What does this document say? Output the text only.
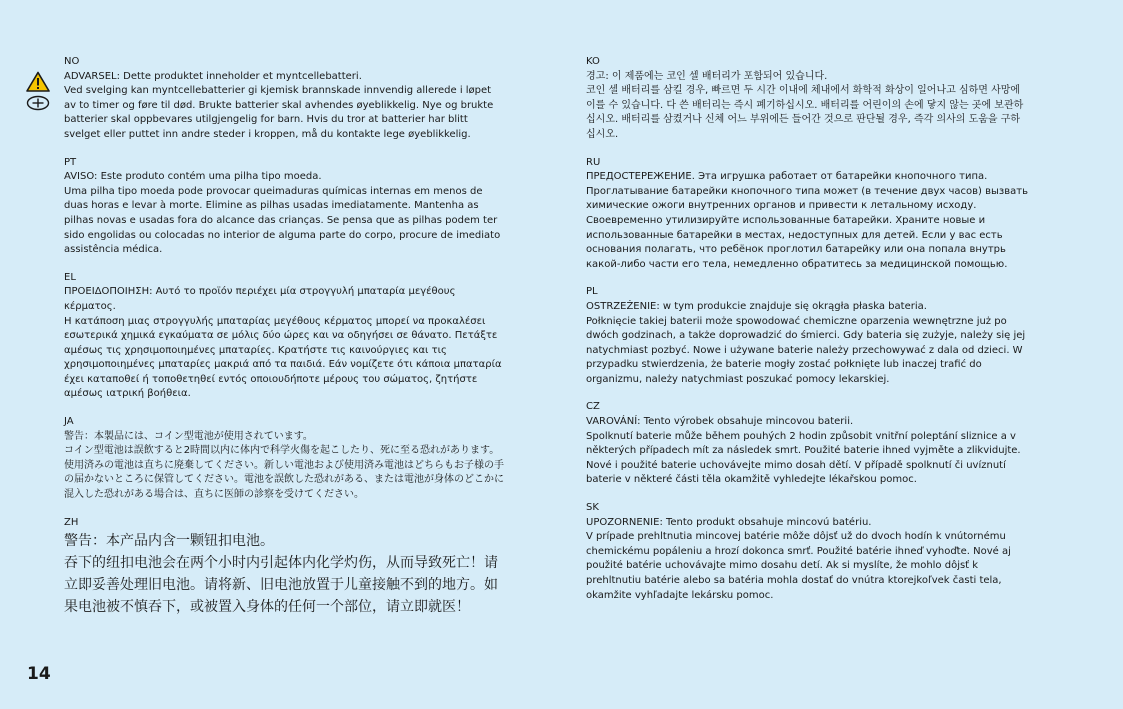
NO

ADVARSEL: Dette produktet inneholder et myntcellebatteri.
Ved svelging kan myntcellebatterier gi kjemisk brannskade innvendig allerede i løpet av to timer og føre til død. Brukte batterier skal avhendes øyeblikkelig. Nye og brukte batterier skal oppbevares utilgjengelig for barn. Hvis du tror at batterier har blitt svelget eller puttet inn andre steder i kroppen, må du kontakte lege øyeblikkelig.

PT

AVISO: Este produto contém uma pilha tipo moeda.
Uma pilha tipo moeda pode provocar queimaduras químicas internas em menos de duas horas e levar à morte. Elimine as pilhas usadas imediatamente. Mantenha as pilhas novas e usadas fora do alcance das crianças. Se pensa que as pilhas podem ter sido engolidas ou colocadas no interior de alguma parte do corpo, procure de imediato assistência médica.

EL

ΠΡΟΕΙΔΟΠΟΙΗΣΗ: Αυτό το προϊόν περιέχει μία στρογγυλή μπαταρία μεγέθους κέρματος.
Η κατάποση μιας στρογγυλής μπαταρίας μεγέθους κέρματος μπορεί να προκαλέσει εσωτερικά χημικά εγκαύματα σε μόλις δύο ώρες και να οδηγήσει σε θάνατο. Πετάξτε αμέσως τις χρησιμοποιημένες μπαταρίες. Κρατήστε τις καινούργιες και τις χρησιμοποιημένες μπαταρίες μακριά από τα παιδιά. Εάν νομίζετε ότι κάποια μπαταρία έχει καταποθεί ή τοποθετηθεί εντός οποιουδήποτε μέρους του σώματος, ζητήστε αμέσως ιατρική βοήθεια.

JA

警告：本製品には、コイン型電池が使用されています。
コイン型電池は誤飲すると2時間以内に体内で科学火傷を起こしたり、死に至る恐れがあります。使用済みの電池は直ちに廃棄してください。新しい電池および使用済み電池はどちらもお子様の手の届かないところに保管してください。電池を誤飲した恐れがある、または電池が身体のどこかに混入した恐れがある場合は、直ちに医師の診察を受けてください。

ZH

警告：本产品内含一颗钮扣电池。
吞下的纽扣电池会在两个小时内引起体内化学灼伤，从而导致死亡！请立即妥善处理旧电池。请将新、旧电池放置于儿童接触不到的地方。如果电池被不慎吞下，或被置入身体的任何一个部位，请立即就医！

KO

경고: 이 제품에는 코인 셀 배터리가 포함되어 있습니다.
코인 셀 배터리를 삼킬 경우, 빠르면 두 시간 이내에 체내에서 화학적 화상이 일어나고 심하면 사망에 이를 수 있습니다. 다 쓴 배터리는 즉시 폐기하십시오. 배터리를 어린이의 손에 닿지 않는 곳에 보관하십시오. 배터리를 삼켰거나 신체 어느 부위에든 들어간 것으로 판단될 경우, 즉각 의사의 도움을 구하십시오.

RU

ПРЕДОСТЕРЕЖЕНИЕ. Эта игрушка работает от батарейки кнопочного типа.
Проглатывание батарейки кнопочного типа может (в течение двух часов) вызвать химические ожоги внутренних органов и привести к летальному исходу. Своевременно утилизируйте использованные батарейки. Храните новые и использованные батарейки в местах, недоступных для детей. Если у вас есть основания полагать, что ребёнок проглотил батарейку или она попала внутрь какой-либо части его тела, немедленно обратитесь за медицинской помощью.

PL

OSTRZEŻENIE: w tym produkcie znajduje się okrągła płaska bateria.
Połknięcie takiej baterii może spowodować chemiczne oparzenia wewnętrzne już po dwóch godzinach, a także doprowadzić do śmierci. Gdy bateria się zużyje, należy się jej natychmiast pozbyć. Nowe i używane baterie należy przechowywać z dala od dzieci. W przypadku stwierdzenia, że baterie mogły zostać połknięte lub inaczej trafić do organizmu, należy natychmiast poszukać pomocy lekarskiej.

CZ

VAROVÁNÍ: Tento výrobek obsahuje mincovou baterii.
Spolknutí baterie může během pouhých 2 hodin způsobit vnitřní poleptání sliznice a v některých případech mít za následek smrt. Použité baterie ihned vyjměte a zlikvidujte. Nové i použité baterie uchovávejte mimo dosah dětí. V případě spolknutí či uvíznutí baterie v některé části těla okamžitě vyhledejte lékařskou pomoc.

SK

UPOZORNENIE: Tento produkt obsahuje mincovú batériu.
V prípade prehltnutia mincovej batérie môže dôjsť už do dvoch hodín k vnútornému chemickému popáleniu a hrozí dokonca smrť. Použité batérie ihneď vyhoďte. Nové aj použité batérie uchovávajte mimo dosahu detí. Ak si myslíte, že mohlo dôjsť k prehltnutiu batérie alebo sa batéria mohla dostať do vnútra ktorejkoľvek časti tela, okamžite vyhľadajte lekársku pomoc.

14
